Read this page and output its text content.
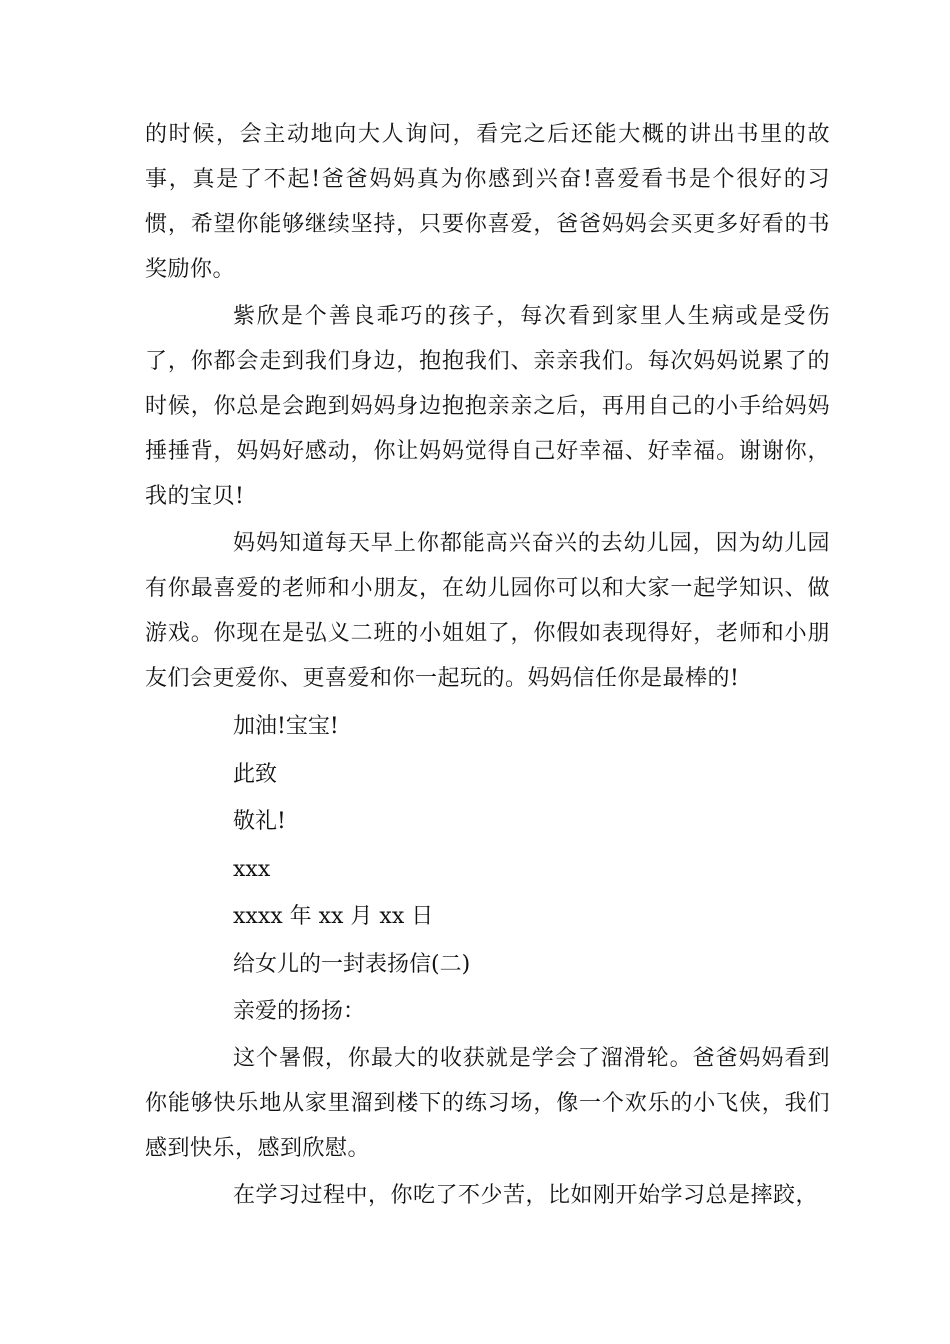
的时候，会主动地向大人询问，看完之后还能大概的讲出书里的故事，真是了不起!爸爸妈妈真为你感到兴奋!喜爱看书是个很好的习惯，希望你能够继续坚持，只要你喜爱，爸爸妈妈会买更多好看的书奖励你。

紫欣是个善良乖巧的孩子，每次看到家里人生病或是受伤了，你都会走到我们身边，抱抱我们、亲亲我们。每次妈妈说累了的时候，你总是会跑到妈妈身边抱抱亲亲之后，再用自己的小手给妈妈捶捶背，妈妈好感动，你让妈妈觉得自己好幸福、好幸福。谢谢你，我的宝贝!

妈妈知道每天早上你都能高兴奋兴的去幼儿园，因为幼儿园有你最喜爱的老师和小朋友，在幼儿园你可以和大家一起学知识、做游戏。你现在是弘义二班的小姐姐了，你假如表现得好，老师和小朋友们会更爱你、更喜爱和你一起玩的。妈妈信任你是最棒的!

加油!宝宝!

此致

敬礼!

xxx

xxxx 年 xx 月 xx 日

给女儿的一封表扬信(二)

亲爱的扬扬：

这个暑假，你最大的收获就是学会了溜滑轮。爸爸妈妈看到你能够快乐地从家里溜到楼下的练习场，像一个欢乐的小飞侠，我们感到快乐，感到欣慰。

在学习过程中，你吃了不少苦，比如刚开始学习总是摔跤，
